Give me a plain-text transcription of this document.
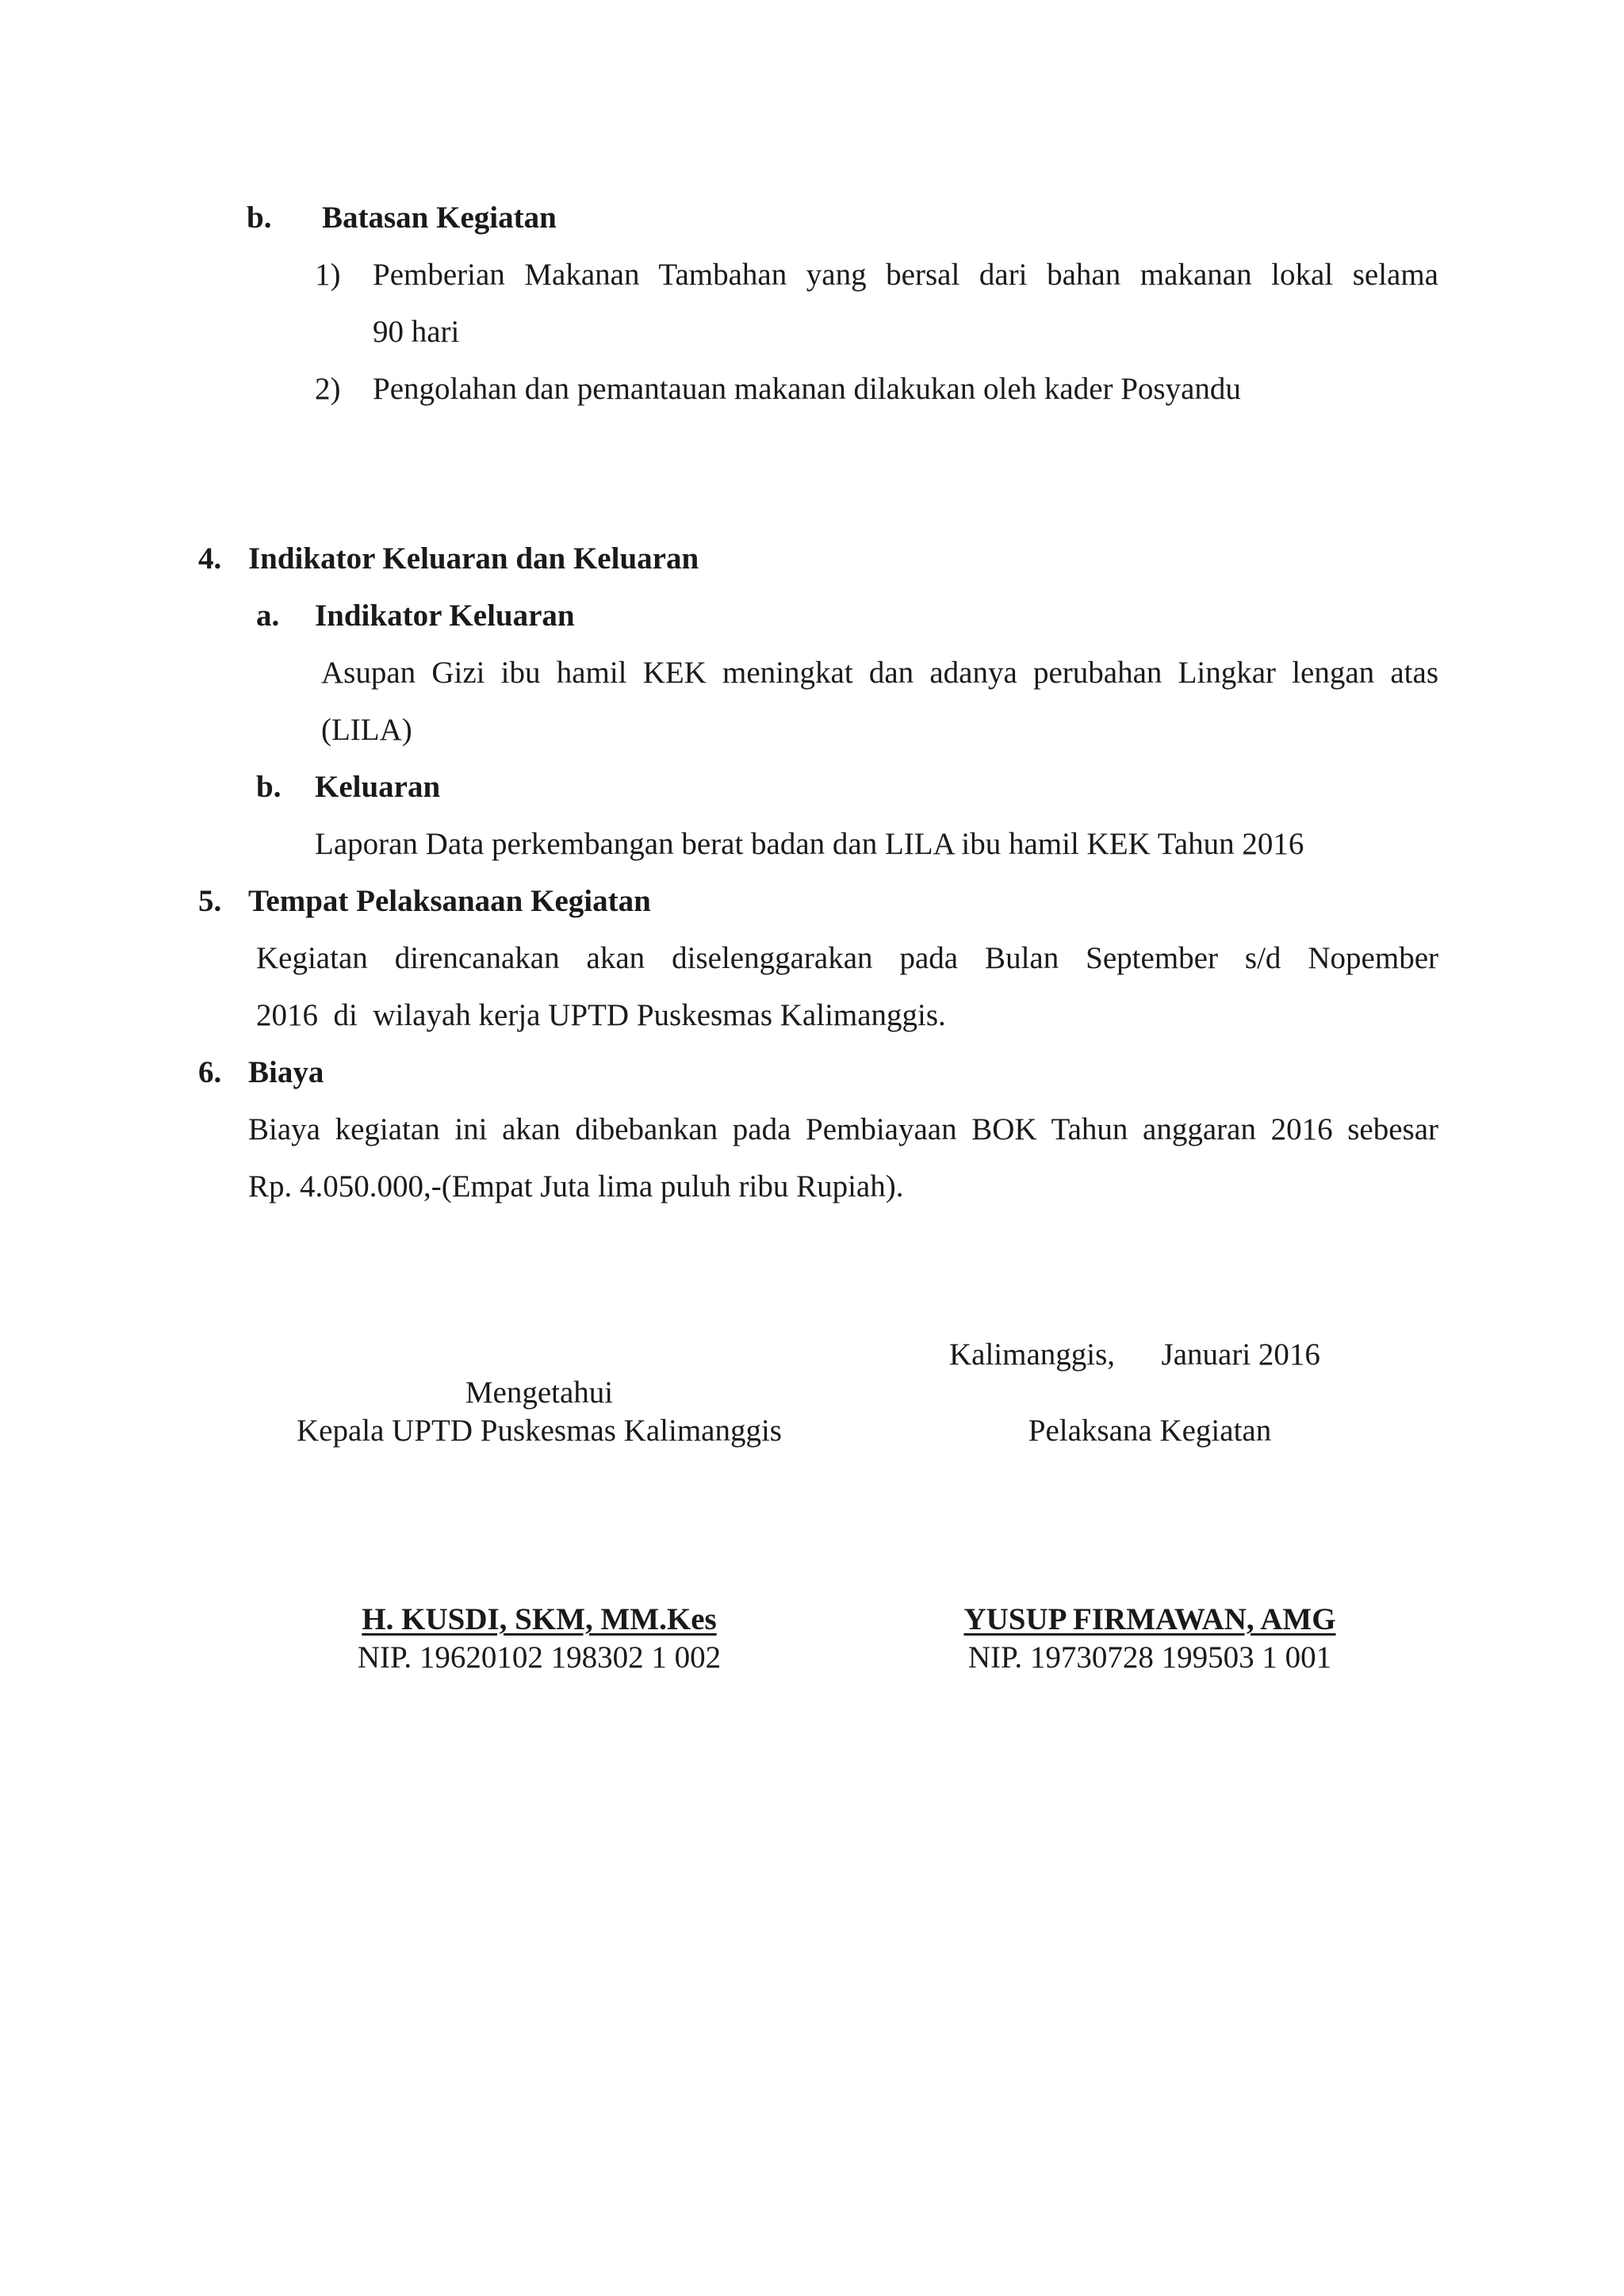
b. Batasan Kegiatan
1) Pemberian Makanan Tambahan yang bersal dari bahan makanan lokal selama
90 hari
2) Pengolahan dan pemantauan makanan dilakukan oleh kader Posyandu
4. Indikator Keluaran dan Keluaran
a. Indikator Keluaran
Asupan Gizi ibu hamil KEK meningkat dan adanya perubahan Lingkar lengan atas
(LILA)
b. Keluaran
Laporan Data perkembangan berat badan dan LILA ibu hamil KEK Tahun 2016
5. Tempat Pelaksanaan Kegiatan
Kegiatan direncanakan akan diselenggarakan pada Bulan September s/d Nopember
2016  di  wilayah kerja UPTD Puskesmas Kalimanggis.
6. Biaya
Biaya kegiatan ini akan dibebankan pada Pembiayaan BOK Tahun anggaran 2016 sebesar
Rp. 4.050.000,-(Empat Juta lima puluh ribu Rupiah).
Kalimanggis,      Januari 2016
Mengetahui
Kepala UPTD Puskesmas Kalimanggis	Pelaksana Kegiatan
H. KUSDI, SKM, MM.Kes
NIP. 19620102 198302 1 002
YUSUP FIRMAWAN, AMG
NIP. 19730728 199503 1 001
